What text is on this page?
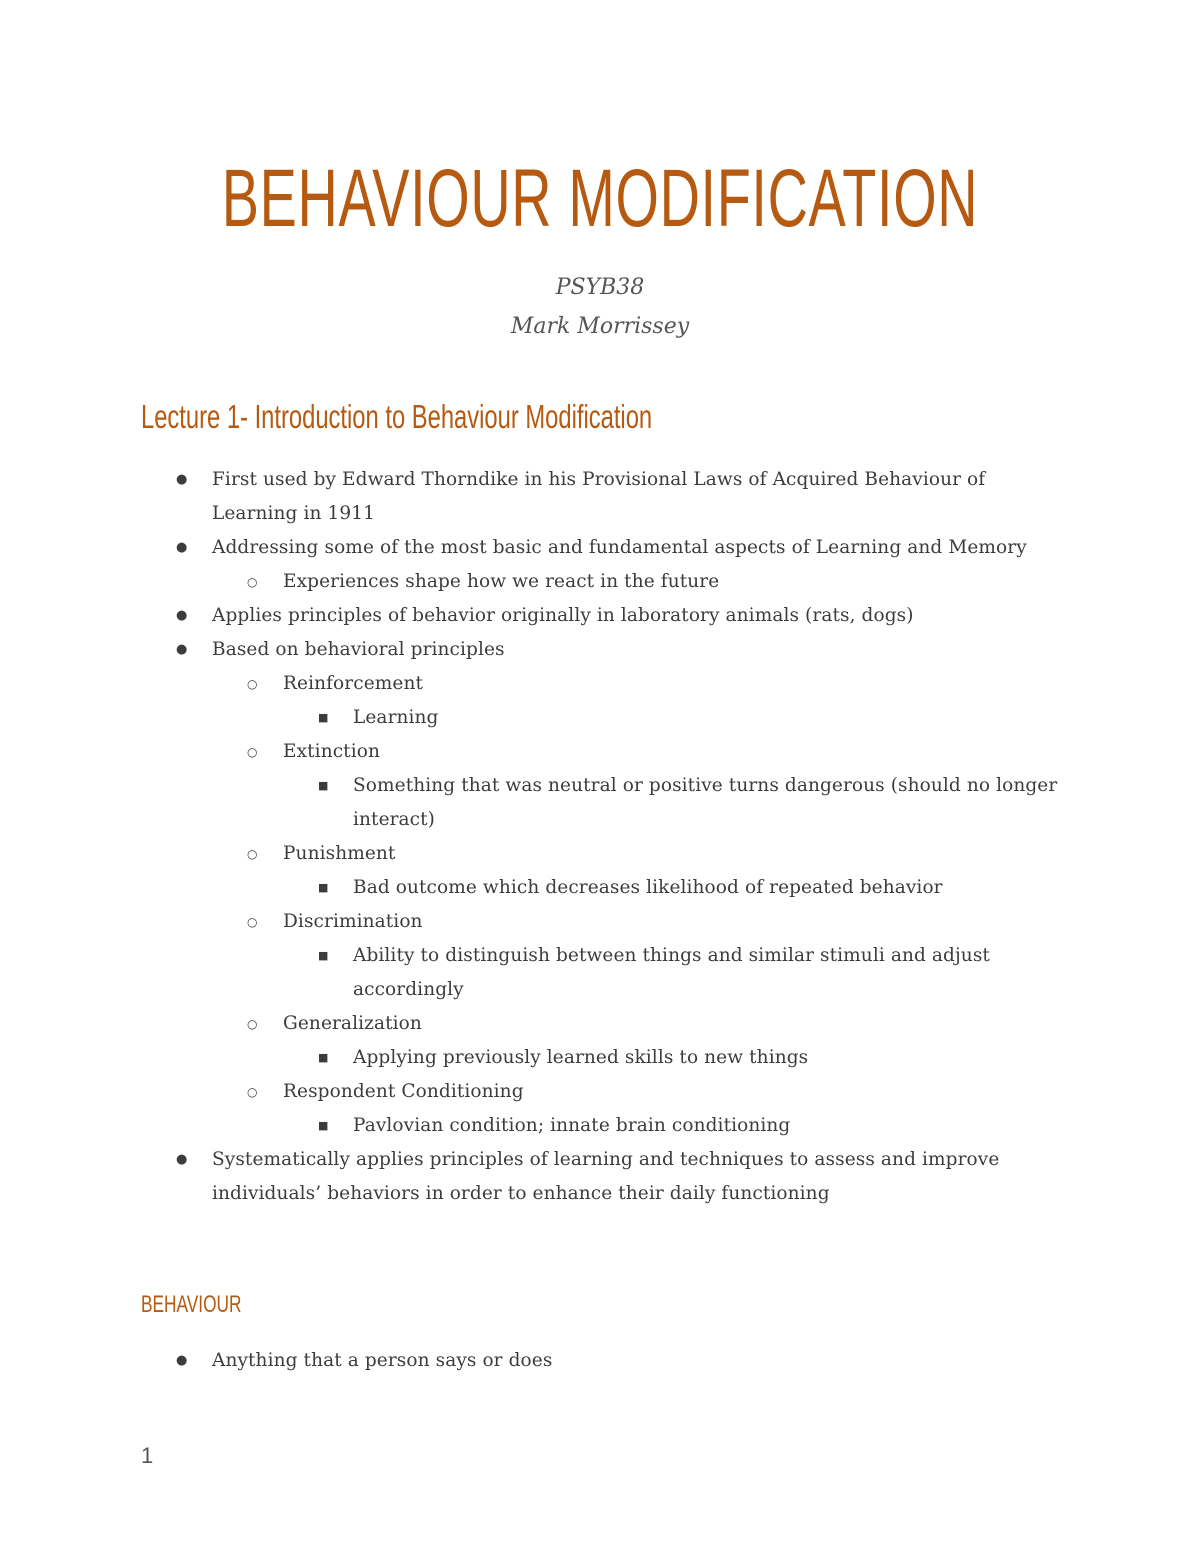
BEHAVIOUR MODIFICATION
PSYB38
Mark Morrissey
Lecture 1- Introduction to Behaviour Modification
● First used by Edward Thorndike in his Provisional Laws of Acquired Behaviour of Learning in 1911
● Addressing some of the most basic and fundamental aspects of Learning and Memory
○ Experiences shape how we react in the future
● Applies principles of behavior originally in laboratory animals (rats, dogs)
● Based on behavioral principles
○ Reinforcement
■ Learning
○ Extinction
■ Something that was neutral or positive turns dangerous (should no longer interact)
○ Punishment
■ Bad outcome which decreases likelihood of repeated behavior
○ Discrimination
■ Ability to distinguish between things and similar stimuli and adjust accordingly
○ Generalization
■ Applying previously learned skills to new things
○ Respondent Conditioning
■ Pavlovian condition; innate brain conditioning
● Systematically applies principles of learning and techniques to assess and improve individuals’ behaviors in order to enhance their daily functioning
BEHAVIOUR
● Anything that a person says or does
1
